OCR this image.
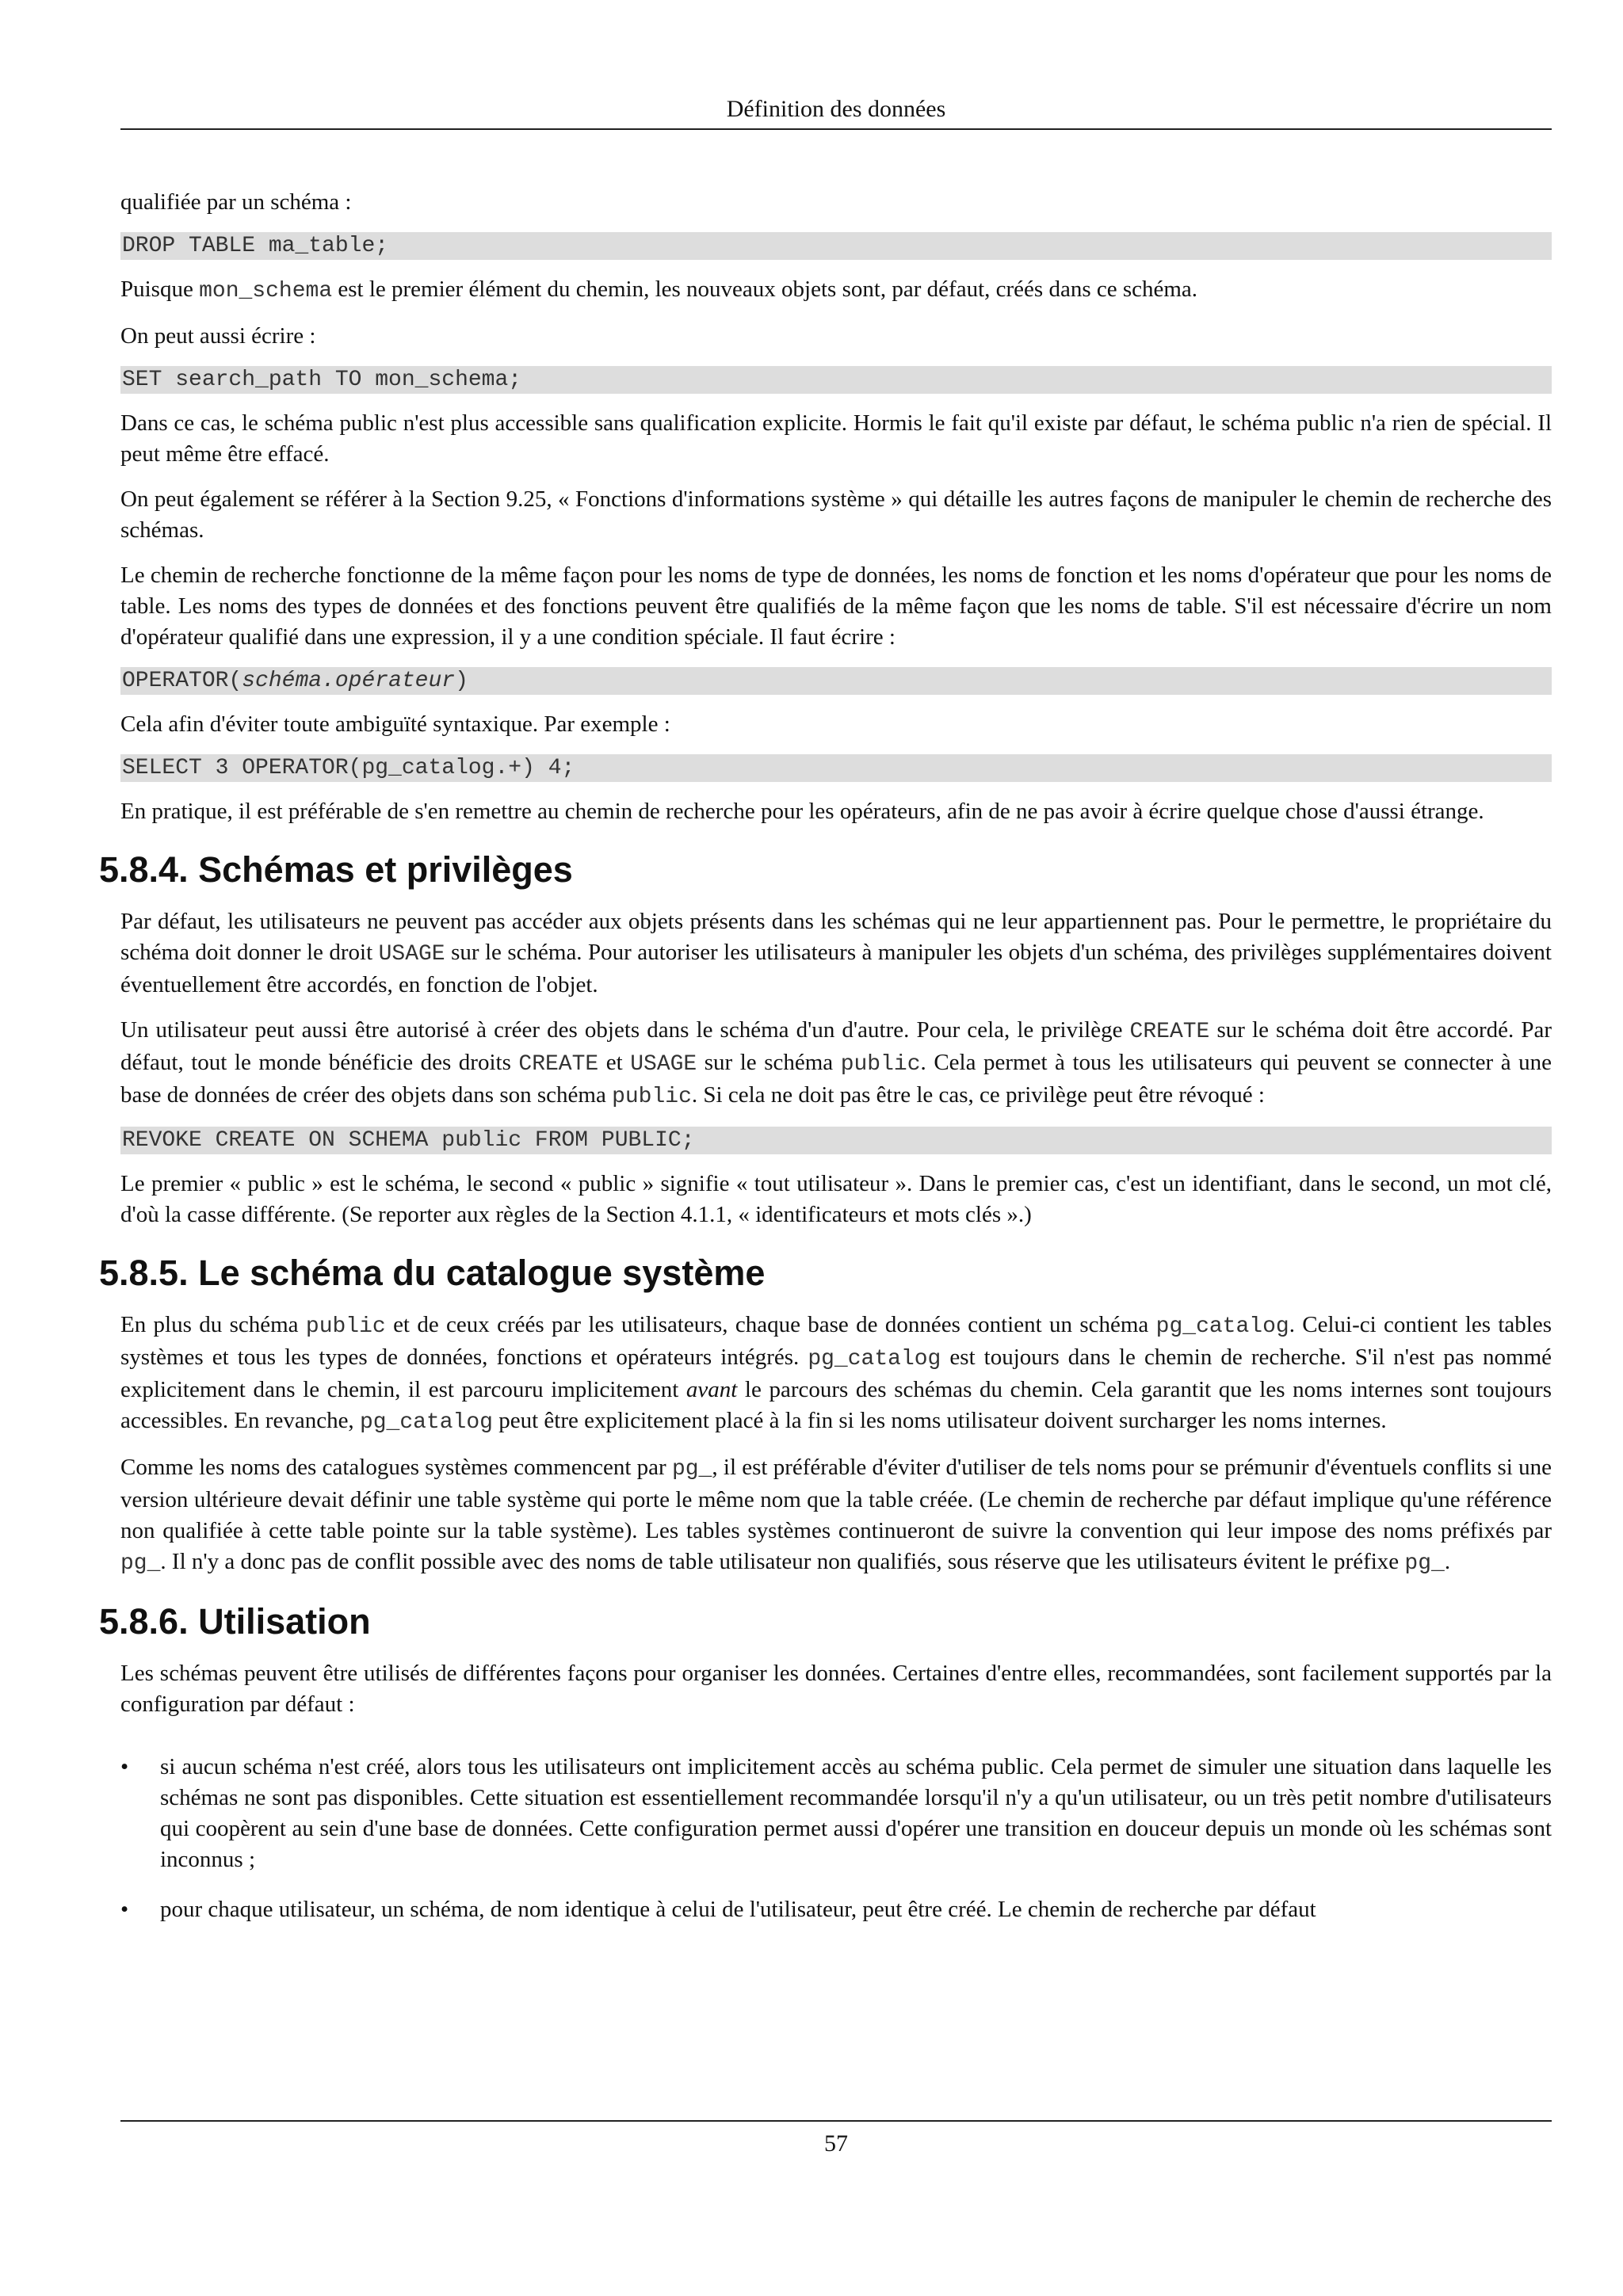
Définition des données

qualifiée par un schéma :

DROP TABLE ma_table;

Puisque mon_schema est le premier élément du chemin, les nouveaux objets sont, par défaut, créés dans ce schéma.

On peut aussi écrire :

SET search_path TO mon_schema;

Dans ce cas, le schéma public n'est plus accessible sans qualification explicite. Hormis le fait qu'il existe par défaut, le schéma public n'a rien de spécial. Il peut même être effacé.

On peut également se référer à la Section 9.25, « Fonctions d'informations système » qui détaille les autres façons de manipuler le chemin de recherche des schémas.

Le chemin de recherche fonctionne de la même façon pour les noms de type de données, les noms de fonction et les noms d'opérateur que pour les noms de table. Les noms des types de données et des fonctions peuvent être qualifiés de la même façon que les noms de table. S'il est nécessaire d'écrire un nom d'opérateur qualifié dans une expression, il y a une condition spéciale. Il faut écrire :

OPERATOR(schéma.opérateur)

Cela afin d'éviter toute ambiguïté syntaxique. Par exemple :

SELECT 3 OPERATOR(pg_catalog.+) 4;

En pratique, il est préférable de s'en remettre au chemin de recherche pour les opérateurs, afin de ne pas avoir à écrire quelque chose d'aussi étrange.

5.8.4. Schémas et privilèges

Par défaut, les utilisateurs ne peuvent pas accéder aux objets présents dans les schémas qui ne leur appartiennent pas. Pour le permettre, le propriétaire du schéma doit donner le droit USAGE sur le schéma. Pour autoriser les utilisateurs à manipuler les objets d'un schéma, des privilèges supplémentaires doivent éventuellement être accordés, en fonction de l'objet.

Un utilisateur peut aussi être autorisé à créer des objets dans le schéma d'un d'autre. Pour cela, le privilège CREATE sur le schéma doit être accordé. Par défaut, tout le monde bénéficie des droits CREATE et USAGE sur le schéma public. Cela permet à tous les utilisateurs qui peuvent se connecter à une base de données de créer des objets dans son schéma public. Si cela ne doit pas être le cas, ce privilège peut être révoqué :

REVOKE CREATE ON SCHEMA public FROM PUBLIC;

Le premier « public » est le schéma, le second « public » signifie « tout utilisateur ». Dans le premier cas, c'est un identifiant, dans le second, un mot clé, d'où la casse différente. (Se reporter aux règles de la Section 4.1.1, « identificateurs et mots clés ».)

5.8.5. Le schéma du catalogue système

En plus du schéma public et de ceux créés par les utilisateurs, chaque base de données contient un schéma pg_catalog. Celui-ci contient les tables systèmes et tous les types de données, fonctions et opérateurs intégrés. pg_catalog est toujours dans le chemin de recherche. S'il n'est pas nommé explicitement dans le chemin, il est parcouru implicitement avant le parcours des schémas du chemin. Cela garantit que les noms internes sont toujours accessibles. En revanche, pg_catalog peut être explicitement placé à la fin si les noms utilisateur doivent surcharger les noms internes.

Comme les noms des catalogues systèmes commencent par pg_, il est préférable d'éviter d'utiliser de tels noms pour se prémunir d'éventuels conflits si une version ultérieure devait définir une table système qui porte le même nom que la table créée. (Le chemin de recherche par défaut implique qu'une référence non qualifiée à cette table pointe sur la table système). Les tables systèmes continueront de suivre la convention qui leur impose des noms préfixés par pg_. Il n'y a donc pas de conflit possible avec des noms de table utilisateur non qualifiés, sous réserve que les utilisateurs évitent le préfixe pg_.

5.8.6. Utilisation

Les schémas peuvent être utilisés de différentes façons pour organiser les données. Certaines d'entre elles, recommandées, sont facilement supportés par la configuration par défaut :

• si aucun schéma n'est créé, alors tous les utilisateurs ont implicitement accès au schéma public. Cela permet de simuler une situation dans laquelle les schémas ne sont pas disponibles. Cette situation est essentiellement recommandée lorsqu'il n'y a qu'un utilisateur, ou un très petit nombre d'utilisateurs qui coopèrent au sein d'une base de données. Cette configuration permet aussi d'opérer une transition en douceur depuis un monde où les schémas sont inconnus ;
• pour chaque utilisateur, un schéma, de nom identique à celui de l'utilisateur, peut être créé. Le chemin de recherche par défaut
57
